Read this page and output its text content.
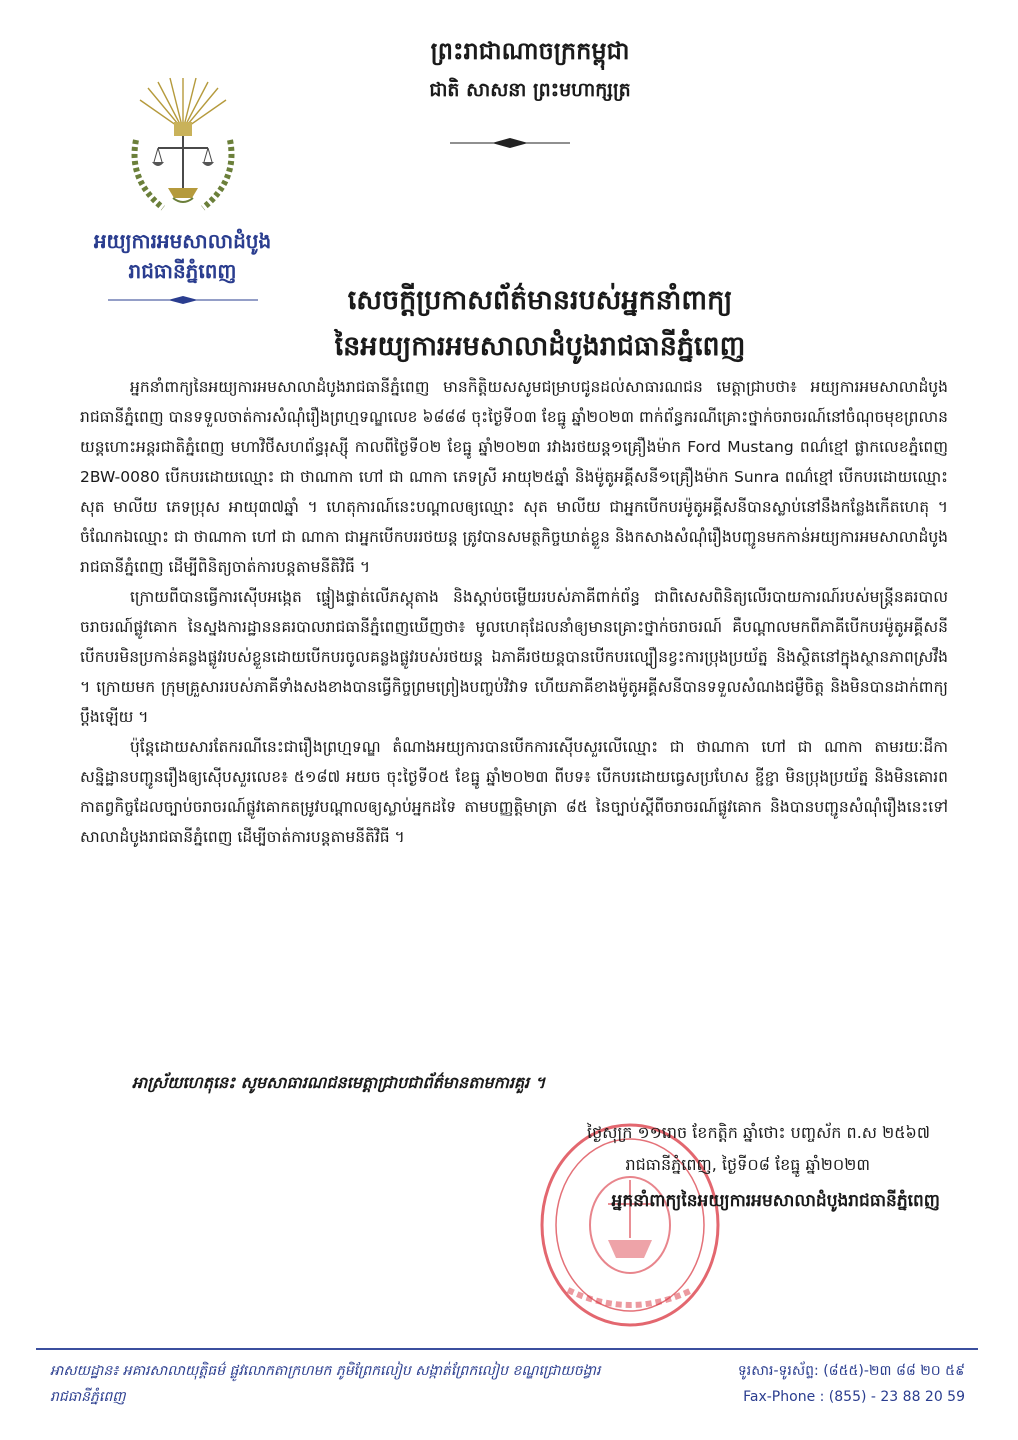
អយ្យការអមសាលាដំបូង
រាជធានីភ្នំពេញ
ព្រះរាជាណាចក្រកម្ពុជា
ជាតិ សាសនា ព្រះមហាក្សត្រ
សេចក្ដីប្រកាសព័ត៌មានរបស់អ្នកនាំពាក្យ
នៃអយ្យការអមសាលាដំបូងរាជធានីភ្នំពេញ

អ្នកនាំពាក្យនៃអយ្យការអមសាលាដំបូងរាជធានីភ្នំពេញ មានកិត្តិយសសូមជម្រាបជូនដល់សាធារណជន មេត្តាជ្រាបថា៖ អយ្យការអមសាលាដំបូងរាជធានីភ្នំពេញ បានទទួលចាត់ការសំណុំរឿងព្រហ្មទណ្ឌលេខ ៦៨៨៨ ចុះថ្ងៃទី០៣ ខែធ្នូ ឆ្នាំ២០២៣ ពាក់ព័ន្ធករណីគ្រោះថ្នាក់ចរាចរណ៍នៅចំណុចមុខព្រលានយន្តហោះអន្តរជាតិភ្នំពេញ មហាវិថីសហព័ន្ធរុស្ស៊ី កាលពីថ្ងៃទី០២ ខែធ្នូ ឆ្នាំ២០២៣ រវាងរថយន្ត១គ្រឿងម៉ាក Ford Mustang ពណ៌ខ្មៅ ផ្លាកលេខភ្នំពេញ 2BW-0080 បើកបរដោយឈ្មោះ ជា ថាណាកា ហៅ ជា ណាកា ភេទស្រី អាយុ២៥ឆ្នាំ និងម៉ូតូអគ្គីសនី១គ្រឿងម៉ាក Sunra ពណ៌ខ្មៅ បើកបរដោយឈ្មោះ សុត មាលីយ ភេទប្រុស អាយុ៣៧ឆ្នាំ ។ ហេតុការណ៍នេះបណ្ដាលឲ្យឈ្មោះ សុត មាលីយ ជាអ្នកបើកបរម៉ូតូអគ្គីសនីបានស្លាប់នៅនឹងកន្លែងកើតហេតុ ។ ចំណែកឯឈ្មោះ ជា ថាណាកា ហៅ ជា ណាកា ជាអ្នកបើកបររថយន្ត ត្រូវបានសមត្ថកិច្ចឃាត់ខ្លួន និងកសាងសំណុំរឿងបញ្ជូនមកកាន់អយ្យការអមសាលាដំបូងរាជធានីភ្នំពេញ ដើម្បីពិនិត្យចាត់ការបន្តតាមនីតិវិធី ។

ក្រោយពីបានធ្វើការស៊ើបអង្កេត ផ្ទៀងផ្ទាត់លើភស្តុតាង និងស្ដាប់ចម្លើយរបស់ភាគីពាក់ព័ន្ធ ជាពិសេសពិនិត្យលើរបាយការណ៍របស់មន្ត្រីនគរបាលចរាចរណ៍ផ្លូវគោក នៃស្នងការដ្ឋាននគរបាលរាជធានីភ្នំពេញឃើញថា៖ មូលហេតុដែលនាំឲ្យមានគ្រោះថ្នាក់ចរាចរណ៍ គឺបណ្ដាលមកពីភាគីបើកបរម៉ូតូអគ្គីសនីបើកបរមិនប្រកាន់គន្លងផ្លូវរបស់ខ្លួនដោយបើកបរចូលគន្លងផ្លូវរបស់រថយន្ត ឯភាគីរថយន្តបានបើកបរល្បឿនខ្វះការប្រុងប្រយ័ត្ន និងស្ថិតនៅក្នុងស្ថានភាពស្រវឹង ។ ក្រោយមក ក្រុមគ្រួសាររបស់ភាគីទាំងសងខាងបានធ្វើកិច្ចព្រមព្រៀងបញ្ចប់វិវាទ ហើយភាគីខាងម៉ូតូអគ្គីសនីបានទទួលសំណងជម្ងឺចិត្ត និងមិនបានដាក់ពាក្យប្ដឹងឡើយ ។

ប៉ុន្តែដោយសារតែករណីនេះជារឿងព្រហ្មទណ្ឌ តំណាងអយ្យការបានបើកការស៊ើបសួរលើឈ្មោះ ជា ថាណាកា ហៅ ជា ណាកា តាមរយៈដីកាសន្និដ្ឋានបញ្ជូនរឿងឲ្យស៊ើបសួរលេខ៖ ៥១៨៧ អយច ចុះថ្ងៃទី០៥ ខែធ្នូ ឆ្នាំ២០២៣ ពីបទ៖ បើកបរដោយធ្វេសប្រហែស ខ្ជីខ្ជា មិនប្រុងប្រយ័ត្ន និងមិនគោរពកាតព្វកិច្ចដែលច្បាប់ចរាចរណ៍ផ្លូវគោកតម្រូវបណ្ដាលឲ្យស្លាប់អ្នកដទៃ តាមបញ្ញត្តិមាត្រា ៨៥ នៃច្បាប់ស្ដីពីចរាចរណ៍ផ្លូវគោក និងបានបញ្ជូនសំណុំរឿងនេះទៅសាលាដំបូងរាជធានីភ្នំពេញ ដើម្បីចាត់ការបន្តតាមនីតិវិធី ។

អាស្រ័យហេតុនេះ សូមសាធារណជនមេត្តាជ្រាបជាព័ត៌មានតាមការគួរ ។
ថ្ងៃសុក្រ ១១រោច ខែកត្តិក ឆ្នាំថោះ បញ្ចស័ក ព.ស ២៥៦៧
រាជធានីភ្នំពេញ, ថ្ងៃទី០៨ ខែធ្នូ ឆ្នាំ២០២៣
អ្នកនាំពាក្យនៃអយ្យការអមសាលាដំបូងរាជធានីភ្នំពេញ
អាសយដ្ឋាន៖ អគារសាលាយុត្តិធម៌ ផ្លូវលោកតាក្រហមក ភូមិព្រែកលៀប សង្កាត់ព្រែកលៀប ខណ្ឌជ្រោយចង្វារ រាជធានីភ្នំពេញ
ទូរសារ-ទូរស័ព្ទ: (៨៥៥)-២៣ ៨៨ ២០ ៥៩
Fax-Phone : (855) - 23 88 20 59
